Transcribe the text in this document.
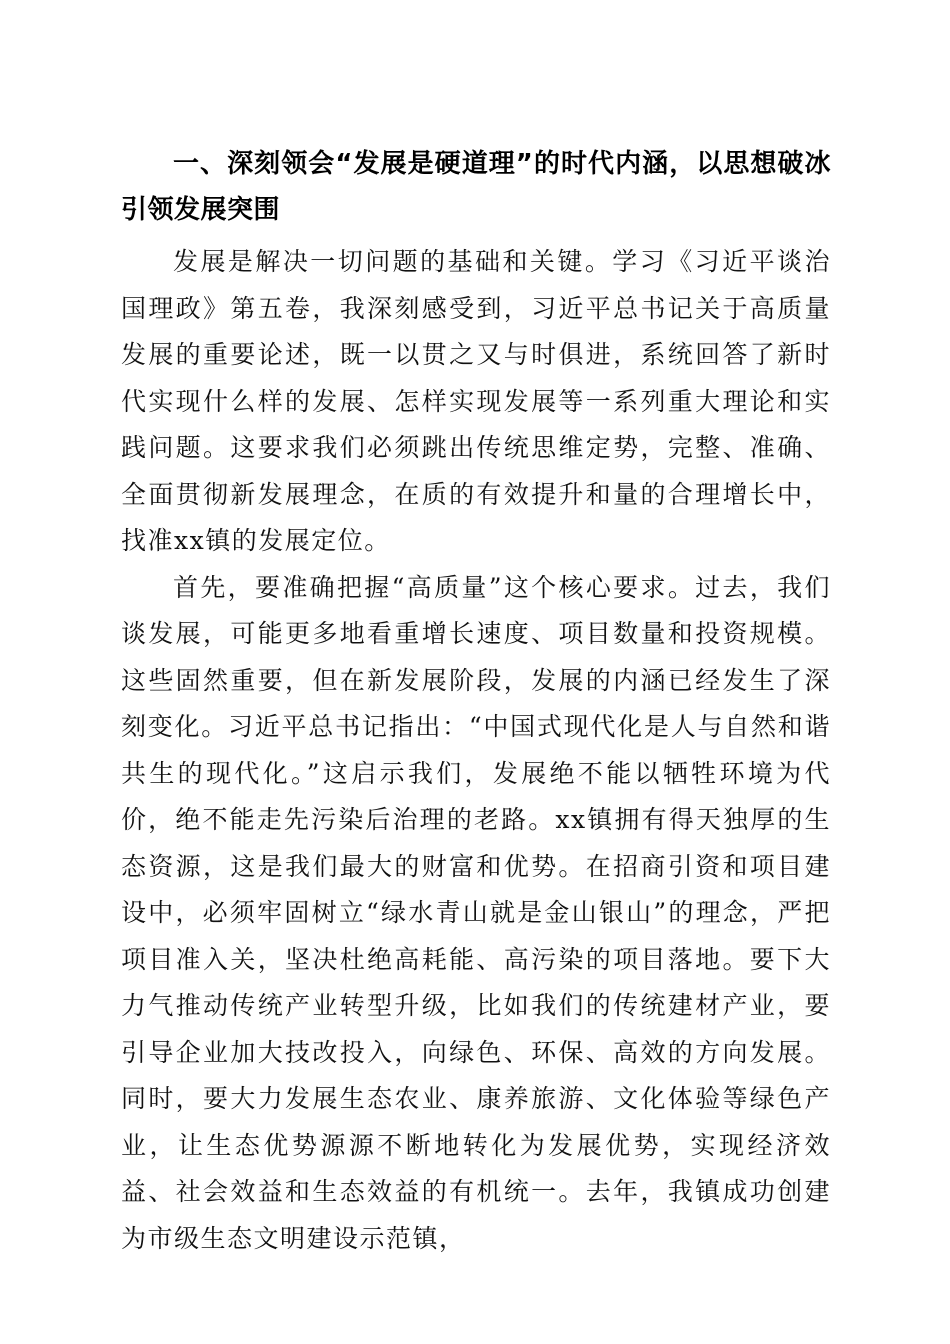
一、深刻领会“发展是硬道理”的时代内涵，以思想破冰引领发展突围

发展是解决一切问题的基础和关键。学习《习近平谈治国理政》第五卷，我深刻感受到，习近平总书记关于高质量发展的重要论述，既一以贯之又与时俱进，系统回答了新时代实现什么样的发展、怎样实现发展等一系列重大理论和实践问题。这要求我们必须跳出传统思维定势，完整、准确、全面贯彻新发展理念，在质的有效提升和量的合理增长中，找准xx镇的发展定位。

首先，要准确把握“高质量”这个核心要求。过去，我们谈发展，可能更多地看重增长速度、项目数量和投资规模。这些固然重要，但在新发展阶段，发展的内涵已经发生了深刻变化。习近平总书记指出：“中国式现代化是人与自然和谐共生的现代化。”这启示我们，发展绝不能以牺牲环境为代价，绝不能走先污染后治理的老路。xx镇拥有得天独厚的生态资源，这是我们最大的财富和优势。在招商引资和项目建设中，必须牢固树立“绿水青山就是金山银山”的理念，严把项目准入关，坚决杜绝高耗能、高污染的项目落地。要下大力气推动传统产业转型升级，比如我们的传统建材产业，要引导企业加大技改投入，向绿色、环保、高效的方向发展。同时，要大力发展生态农业、康养旅游、文化体验等绿色产业，让生态优势源源不断地转化为发展优势，实现经济效益、社会效益和生态效益的有机统一。去年，我镇成功创建为市级生态文明建设示范镇，
